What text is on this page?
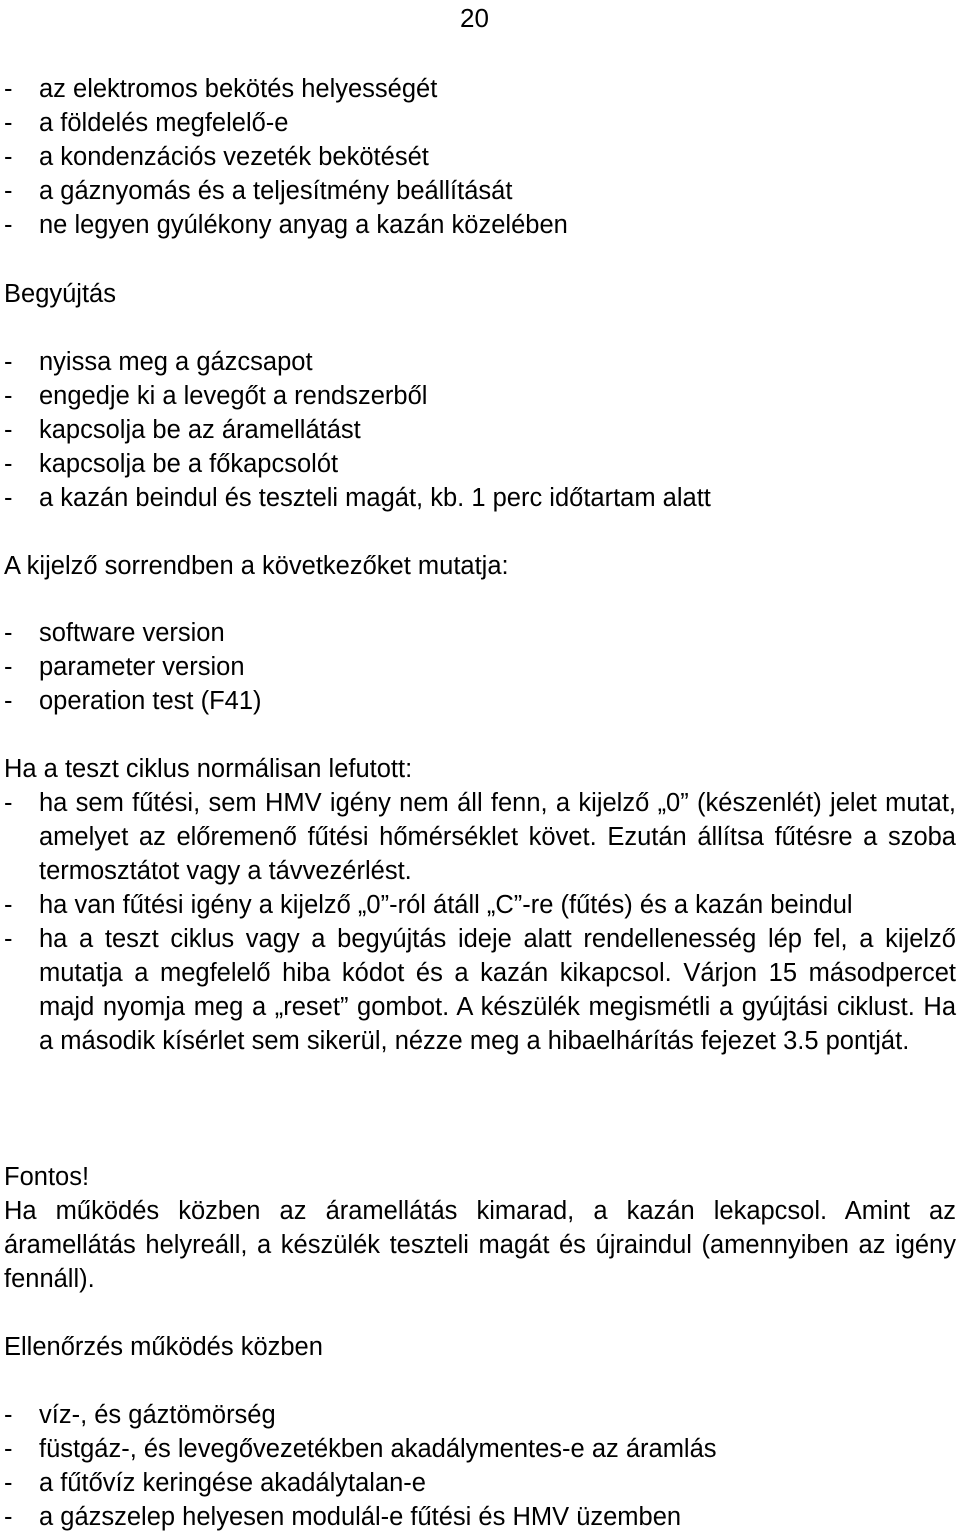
20
- az elektromos bekötés helyességét
- a földelés megfelelő-e
- a kondenzációs vezeték bekötését
- a gáznyomás és a teljesítmény beállítását
- ne legyen gyúlékony anyag a kazán közelében
Begyújtás
- nyissa meg a gázcsapot
- engedje ki a levegőt a rendszerből
- kapcsolja be az áramellátást
- kapcsolja be a főkapcsolót
- a kazán beindul és teszteli magát, kb. 1 perc időtartam alatt
A kijelző sorrendben a következőket mutatja:
- software version
- parameter version
- operation test (F41)
Ha a teszt ciklus normálisan lefutott:
- ha sem fűtési, sem HMV igény nem áll fenn, a kijelző „0” (készenlét) jelet mutat, amelyet az előremenő fűtési hőmérséklet követ. Ezután állítsa fűtésre a szoba termosztátot vagy a távvezérlést.
- ha van fűtési igény a kijelző „0”-ról átáll „C”-re (fűtés) és a kazán beindul
- ha a teszt ciklus vagy a begyújtás ideje alatt rendellenesség lép fel, a kijelző mutatja a megfelelő hiba kódot és a kazán kikapcsol. Várjon 15 másodpercet majd nyomja meg a „reset” gombot. A készülék megismétli a gyújtási ciklust. Ha a második kísérlet sem sikerül, nézze meg a hibaelhárítás fejezet 3.5 pontját.
Fontos!
Ha működés közben az áramellátás kimarad, a kazán lekapcsol. Amint az áramellátás helyreáll, a készülék teszteli magát és újraindul (amennyiben az igény fennáll).
Ellenőrzés működés közben
- víz-, és gáztömörség
- füstgáz-, és levegővezetékben akadálymentes-e az áramlás
- a fűtővíz keringése akadálytalan-e
- a gázszelep helyesen modulál-e fűtési és HMV üzemben
